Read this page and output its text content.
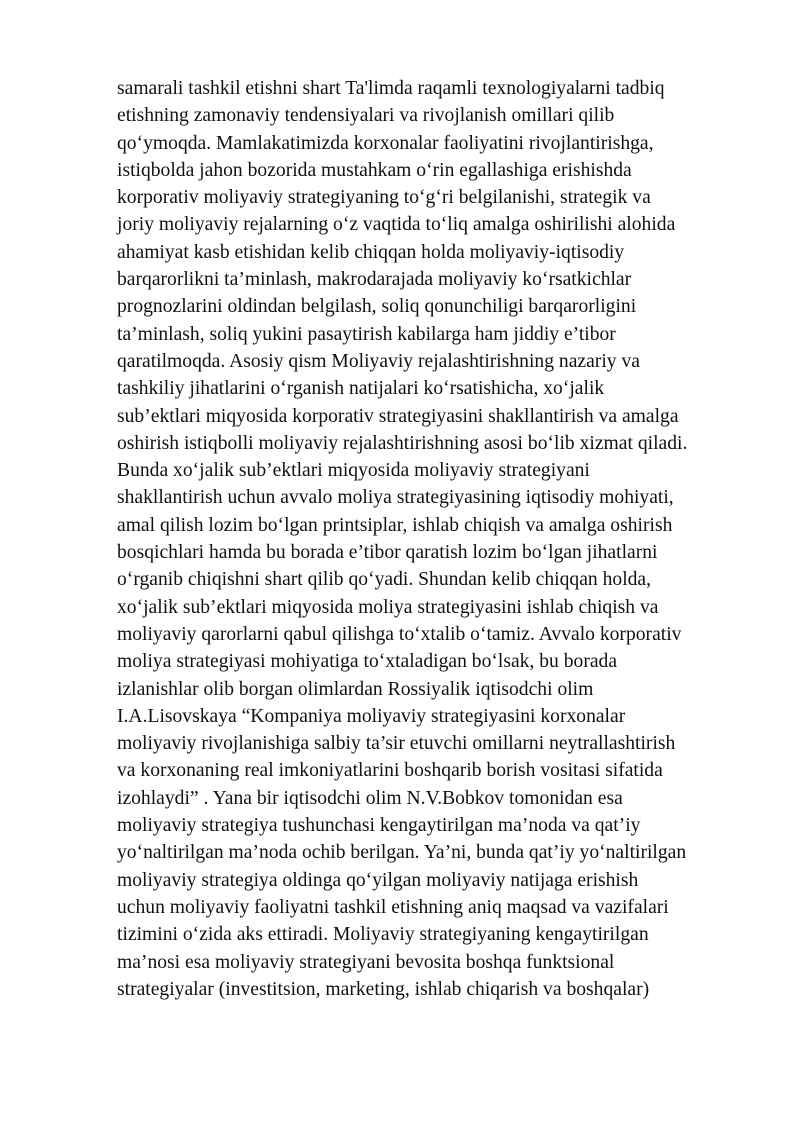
samarali tashkil etishni shart Ta'limda raqamli texnologiyalarni tadbiq
etishning zamonaviy tendensiyalari va rivojlanish omillari qilib
qo‘ymoqda. Mamlakatimizda korxonalar faoliyatini rivojlantirishga,
istiqbolda jahon bozorida mustahkam o‘rin egallashiga erishishda
korporativ moliyaviy strategiyaning to‘g‘ri belgilanishi, strategik va
joriy moliyaviy rejalarning o‘z vaqtida to‘liq amalga oshirilishi alohida
ahamiyat kasb etishidan kelib chiqqan holda moliyaviy-iqtisodiy
barqarorlikni ta’minlash, makrodarajada moliyaviy ko‘rsatkichlar
prognozlarini oldindan belgilash, soliq qonunchiligi barqarorligini
ta’minlash, soliq yukini pasaytirish kabilarga ham jiddiy e’tibor
qaratilmoqda. Asosiy qism Moliyaviy rejalashtirishning nazariy va
tashkiliy jihatlarini o‘rganish natijalari ko‘rsatishicha, xo‘jalik
sub’ektlari miqyosida korporativ strategiyasini shakllantirish va amalga
oshirish istiqbolli moliyaviy rejalashtirishning asosi bo‘lib xizmat qiladi.
Bunda xo‘jalik sub’ektlari miqyosida moliyaviy strategiyani
shakllantirish uchun avvalo moliya strategiyasining iqtisodiy mohiyati,
amal qilish lozim bo‘lgan printsiplar, ishlab chiqish va amalga oshirish
bosqichlari hamda bu borada e’tibor qaratish lozim bo‘lgan jihatlarni
o‘rganib chiqishni shart qilib qo‘yadi. Shundan kelib chiqqan holda,
xo‘jalik sub’ektlari miqyosida moliya strategiyasini ishlab chiqish va
moliyaviy qarorlarni qabul qilishga to‘xtalib o‘tamiz. Avvalo korporativ
moliya strategiyasi mohiyatiga to‘xtaladigan bo‘lsak, bu borada
izlanishlar olib borgan olimlardan Rossiyalik iqtisodchi olim
I.A.Lisovskaya “Kompaniya moliyaviy strategiyasini korxonalar
moliyaviy rivojlanishiga salbiy ta’sir etuvchi omillarni neytrallashtirish
va korxonaning real imkoniyatlarini boshqarib borish vositasi sifatida
izohlaydi” . Yana bir iqtisodchi olim N.V.Bobkov tomonidan esa
moliyaviy strategiya tushunchasi kengaytirilgan ma’noda va qat’iy
yo‘naltirilgan ma’noda ochib berilgan. Ya’ni, bunda qat’iy yo‘naltirilgan
moliyaviy strategiya oldinga qo‘yilgan moliyaviy natijaga erishish
uchun moliyaviy faoliyatni tashkil etishning aniq maqsad va vazifalari
tizimini o‘zida aks ettiradi. Moliyaviy strategiyaning kengaytirilgan
ma’nosi esa moliyaviy strategiyani bevosita boshqa funktsional
strategiyalar (investitsion, marketing, ishlab chiqarish va boshqalar)
